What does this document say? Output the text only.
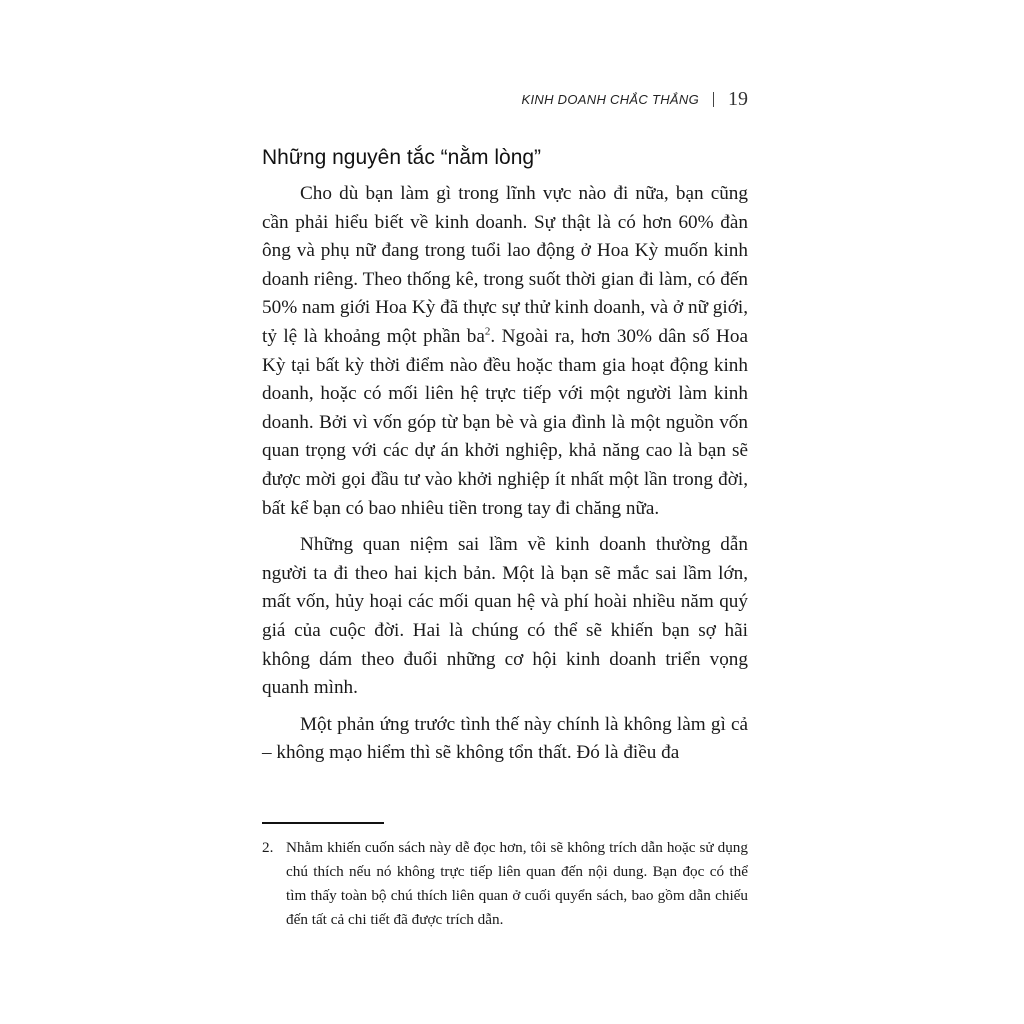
KINH DOANH CHẮC THẮNG 19
Những nguyên tắc “nằm lòng”

Cho dù bạn làm gì trong lĩnh vực nào đi nữa, bạn cũng cần phải hiểu biết về kinh doanh. Sự thật là có hơn 60% đàn ông và phụ nữ đang trong tuổi lao động ở Hoa Kỳ muốn kinh doanh riêng. Theo thống kê, trong suốt thời gian đi làm, có đến 50% nam giới Hoa Kỳ đã thực sự thử kinh doanh, và ở nữ giới, tỷ lệ là khoảng một phần ba$^2$. Ngoài ra, hơn 30% dân số Hoa Kỳ tại bất kỳ thời điểm nào đều hoặc tham gia hoạt động kinh doanh, hoặc có mối liên hệ trực tiếp với một người làm kinh doanh. Bởi vì vốn góp từ bạn bè và gia đình là một nguồn vốn quan trọng với các dự án khởi nghiệp, khả năng cao là bạn sẽ được mời gọi đầu tư vào khởi nghiệp ít nhất một lần trong đời, bất kể bạn có bao nhiêu tiền trong tay đi chăng nữa.

Những quan niệm sai lầm về kinh doanh thường dẫn người ta đi theo hai kịch bản. Một là bạn sẽ mắc sai lầm lớn, mất vốn, hủy hoại các mối quan hệ và phí hoài nhiều năm quý giá của cuộc đời. Hai là chúng có thể sẽ khiến bạn sợ hãi không dám theo đuổi những cơ hội kinh doanh triển vọng quanh mình.

Một phản ứng trước tình thế này chính là không làm gì cả – không mạo hiểm thì sẽ không tổn thất. Đó là điều đa

2. Nhằm khiến cuốn sách này dễ đọc hơn, tôi sẽ không trích dẫn hoặc sử dụng chú thích nếu nó không trực tiếp liên quan đến nội dung. Bạn đọc có thể tìm thấy toàn bộ chú thích liên quan ở cuối quyển sách, bao gồm dẫn chiếu đến tất cả chi tiết đã được trích dẫn.
